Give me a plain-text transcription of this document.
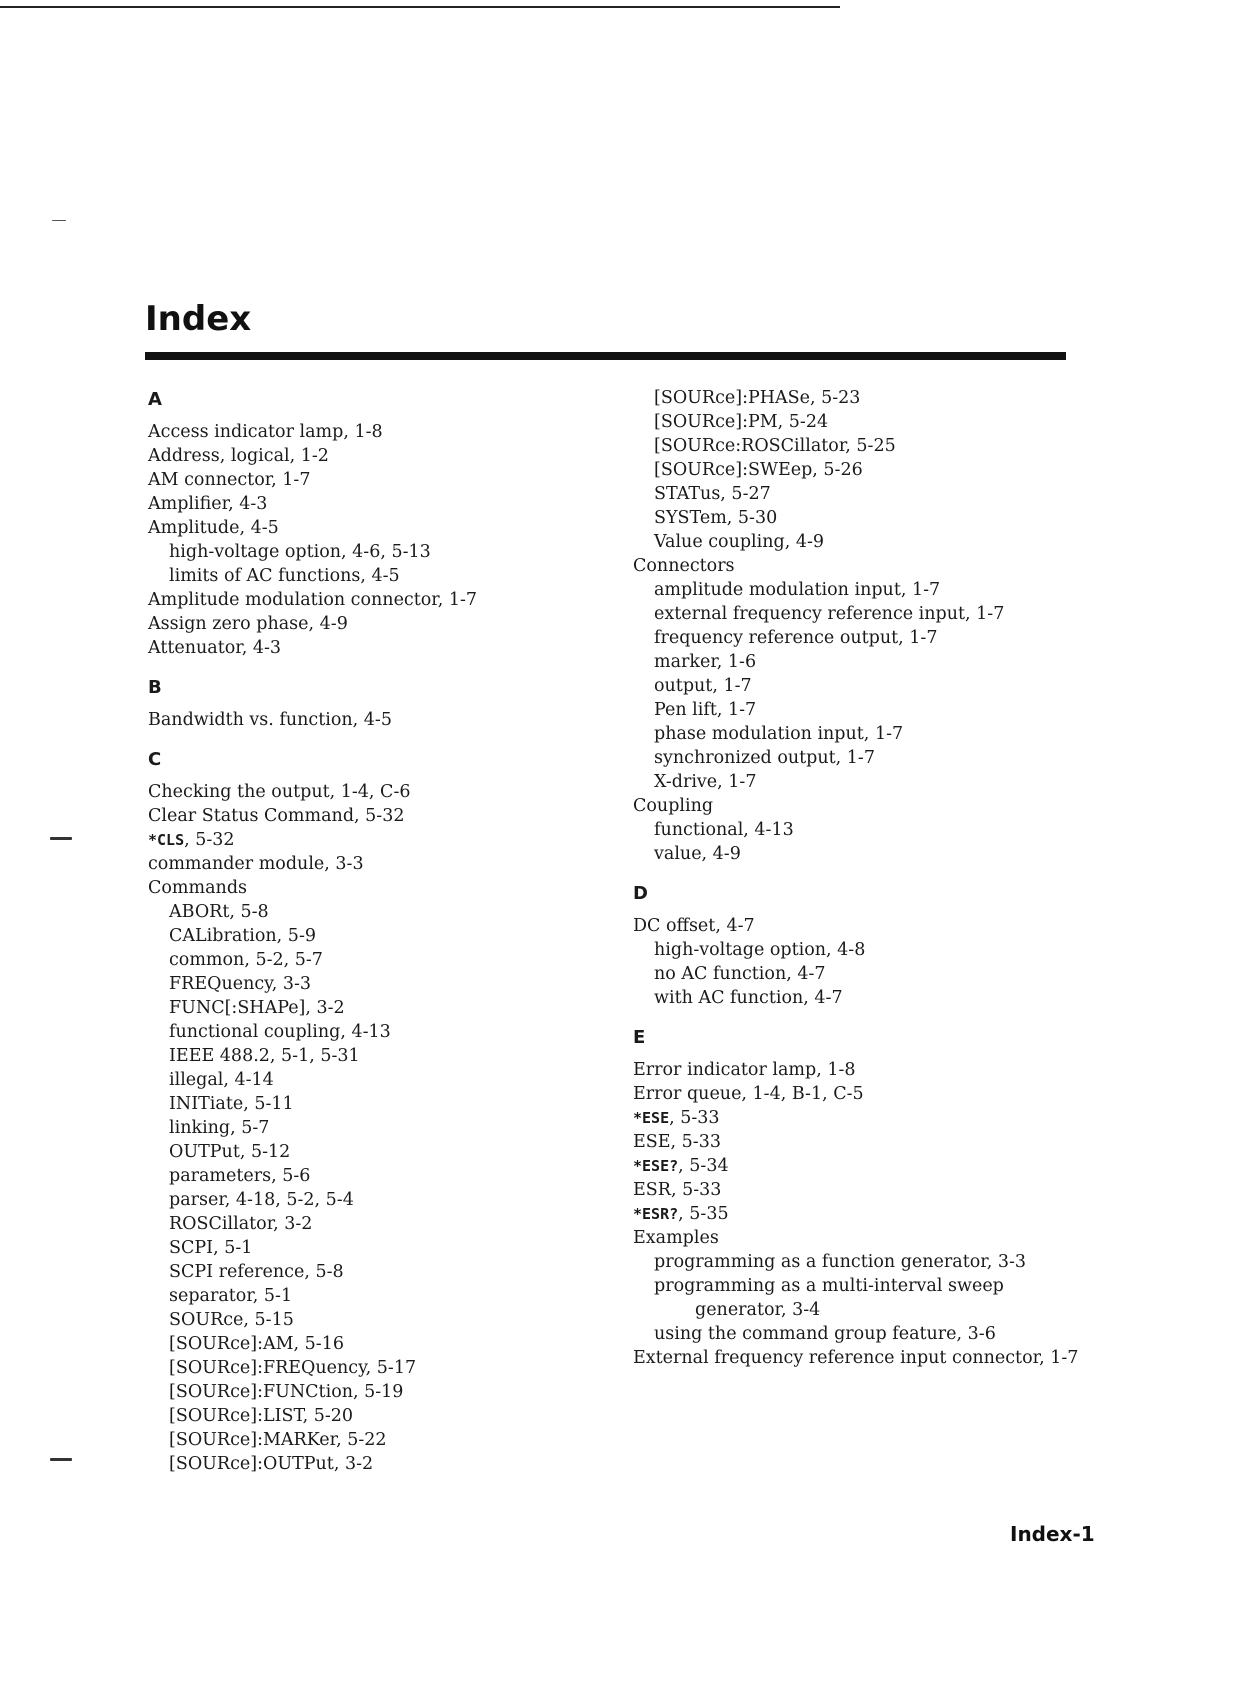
Index
A
Access indicator lamp, 1-8
Address, logical, 1-2
AM connector, 1-7
Amplifier, 4-3
Amplitude, 4-5
high-voltage option, 4-6, 5-13
limits of AC functions, 4-5
Amplitude modulation connector, 1-7
Assign zero phase, 4-9
Attenuator, 4-3
B
Bandwidth vs. function, 4-5
C
Checking the output, 1-4, C-6
Clear Status Command, 5-32
*CLS, 5-32
commander module, 3-3
Commands
ABORt, 5-8
CALibration, 5-9
common, 5-2, 5-7
FREQuency, 3-3
FUNC[:SHAPe], 3-2
functional coupling, 4-13
IEEE 488.2, 5-1, 5-31
illegal, 4-14
INITiate, 5-11
linking, 5-7
OUTPut, 5-12
parameters, 5-6
parser, 4-18, 5-2, 5-4
ROSCillator, 3-2
SCPI, 5-1
SCPI reference, 5-8
separator, 5-1
SOURce, 5-15
[SOURce]:AM, 5-16
[SOURce]:FREQuency, 5-17
[SOURce]:FUNCtion, 5-19
[SOURce]:LIST, 5-20
[SOURce]:MARKer, 5-22
[SOURce]:OUTPut, 3-2
[SOURce]:PHASe, 5-23
[SOURce]:PM, 5-24
[SOURce:ROSCillator, 5-25
[SOURce]:SWEep, 5-26
STATus, 5-27
SYSTem, 5-30
Value coupling, 4-9
Connectors
amplitude modulation input, 1-7
external frequency reference input, 1-7
frequency reference output, 1-7
marker, 1-6
output, 1-7
Pen lift, 1-7
phase modulation input, 1-7
synchronized output, 1-7
X-drive, 1-7
Coupling
functional, 4-13
value, 4-9
D
DC offset, 4-7
high-voltage option, 4-8
no AC function, 4-7
with AC function, 4-7
E
Error indicator lamp, 1-8
Error queue, 1-4, B-1, C-5
*ESE, 5-33
ESE, 5-33
*ESE?, 5-34
ESR, 5-33
*ESR?, 5-35
Examples
programming as a function generator, 3-3
programming as a multi-interval sweep generator, 3-4
using the command group feature, 3-6
External frequency reference input connector, 1-7
Index-1
